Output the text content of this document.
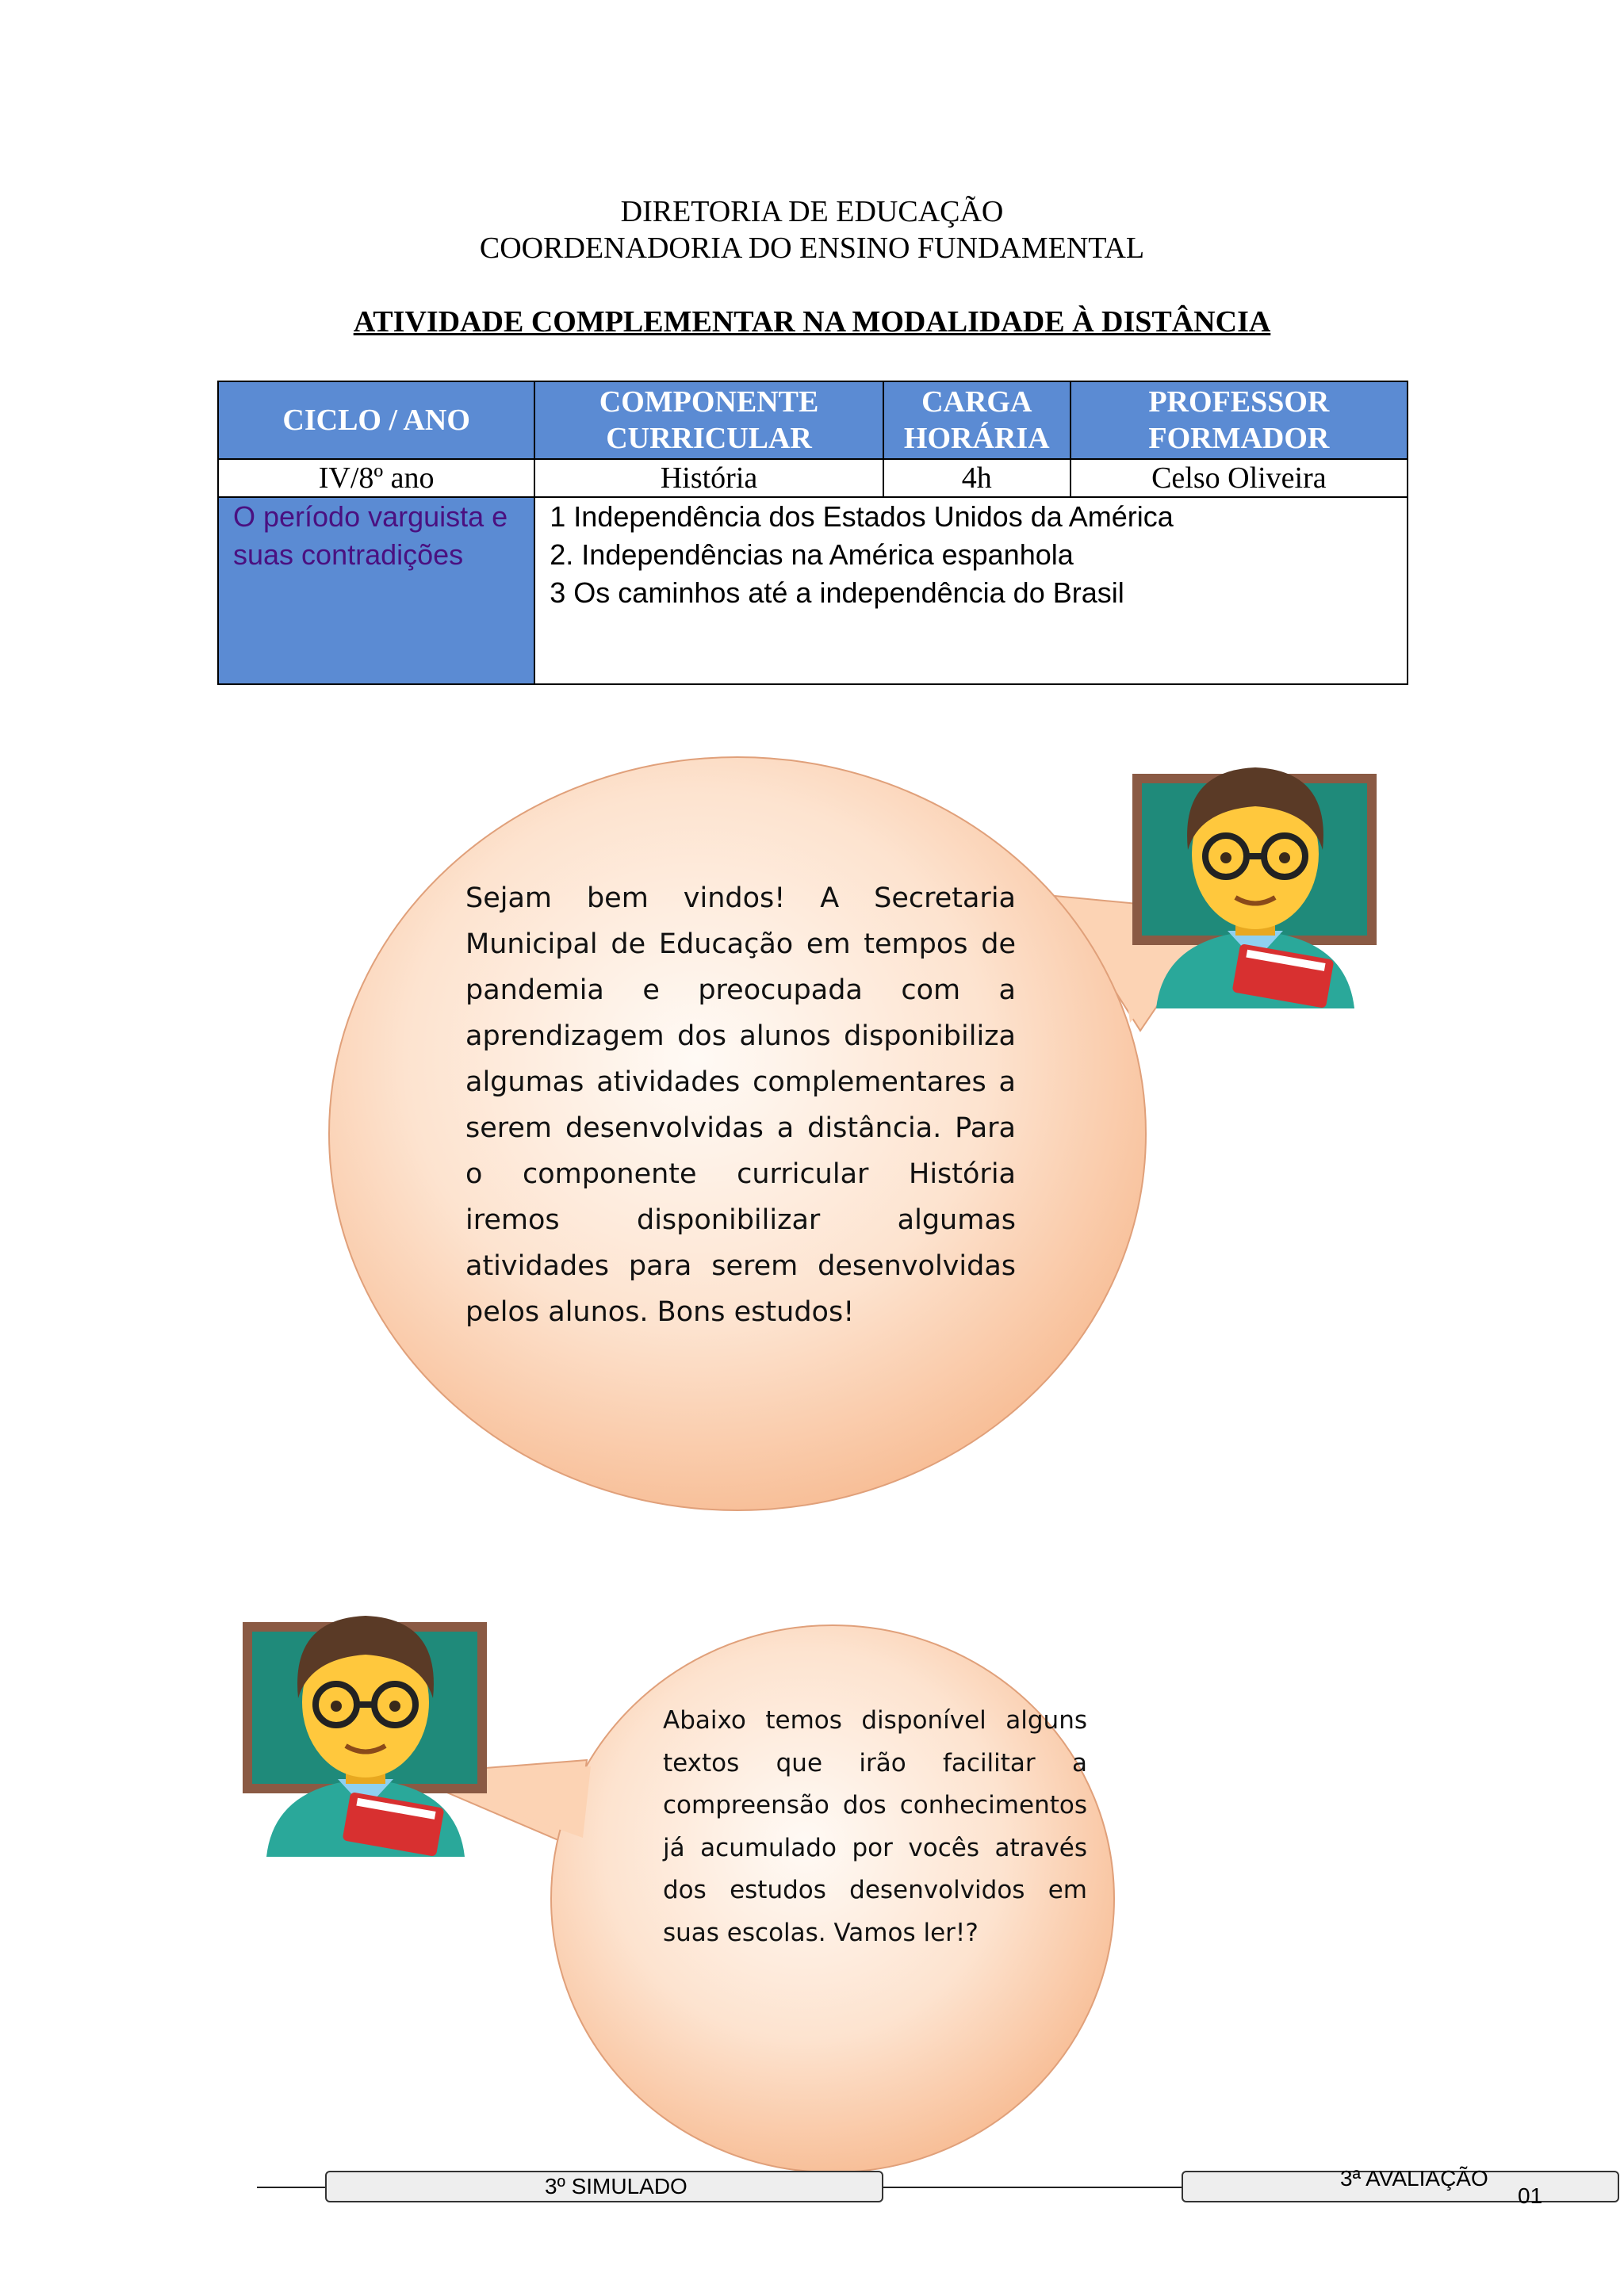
DIRETORIA DE EDUCAÇÃO
COORDENADORIA DO ENSINO FUNDAMENTAL
ATIVIDADE COMPLEMENTAR NA MODALIDADE À DISTÂNCIA
CICLO / ANO	COMPONENTE CURRICULAR	CARGA HORÁRIA	PROFESSOR FORMADOR
IV/8º ano	História	4h	Celso Oliveira

O período varguista e suas contradições	1 Independência dos Estados Unidos da América
2. Independências na América espanhola
3 Os caminhos até a independência do Brasil		
Sejam bem vindos! A Secretaria Municipal de Educação em tempos de pandemia e preocupada com a aprendizagem dos alunos disponibiliza algumas atividades complementares a serem desenvolvidas a distância. Para o componente curricular História iremos disponibilizar algumas atividades para serem desenvolvidas pelos alunos. Bons estudos!
Abaixo temos disponível alguns textos que irão facilitar a compreensão dos conhecimentos já acumulado por vocês através dos estudos desenvolvidos em suas escolas. Vamos ler!?
3º SIMULADO	3ª AVALIAÇÃO
01
